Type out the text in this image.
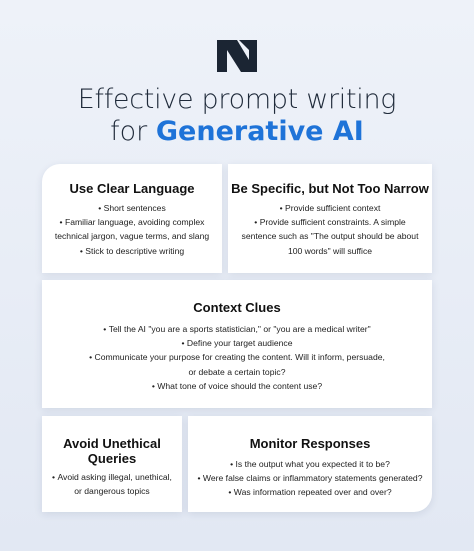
Effective prompt writing
for Generative AI
Use Clear Language
• Short sentences
• Familiar language, avoiding complex
technical jargon, vague terms, and slang
• Stick to descriptive writing
Be Specific, but Not Too Narrow
• Provide sufficient context
• Provide sufficient constraints. A simple
sentence such as "The output should be about
100 words" will suffice
Context Clues
• Tell the AI "you are a sports statistician," or "you are a medical writer"
• Define your target audience
• Communicate your purpose for creating the content. Will it inform, persuade,
or debate a certain topic?
• What tone of voice should the content use?
Avoid Unethical
Queries
• Avoid asking illegal, unethical,
or dangerous topics
Monitor Responses
• Is the output what you expected it to be?
• Were false claims or inflammatory statements generated?
• Was information repeated over and over?
